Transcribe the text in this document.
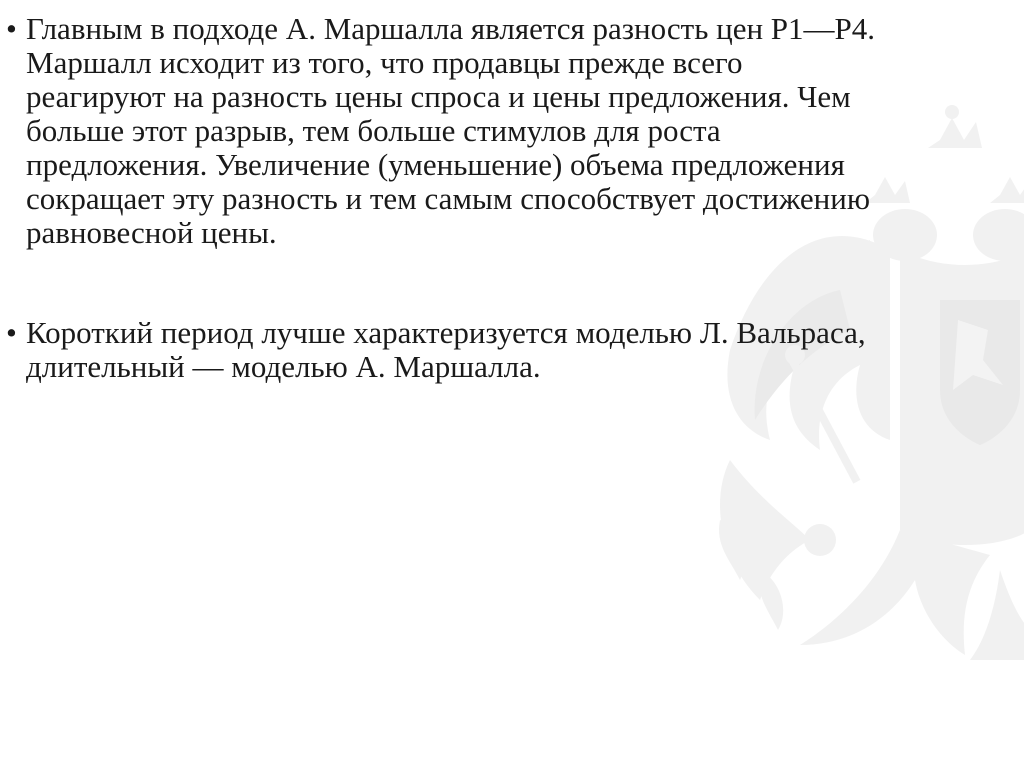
• Главным в подходе А. Маршалла является разность цен P1—P4. Маршалл исходит из того, что продавцы прежде всего реагируют на разность цены спроса и цены предложения. Чем больше этот разрыв, тем больше стимулов для роста предложения. Увеличение (уменьшение) объема предложения сокращает эту разность и тем самым способствует достижению равновесной цены.
• Короткий период лучше характеризуется моделью Л. Вальраса, длительный — моделью А. Маршалла.
